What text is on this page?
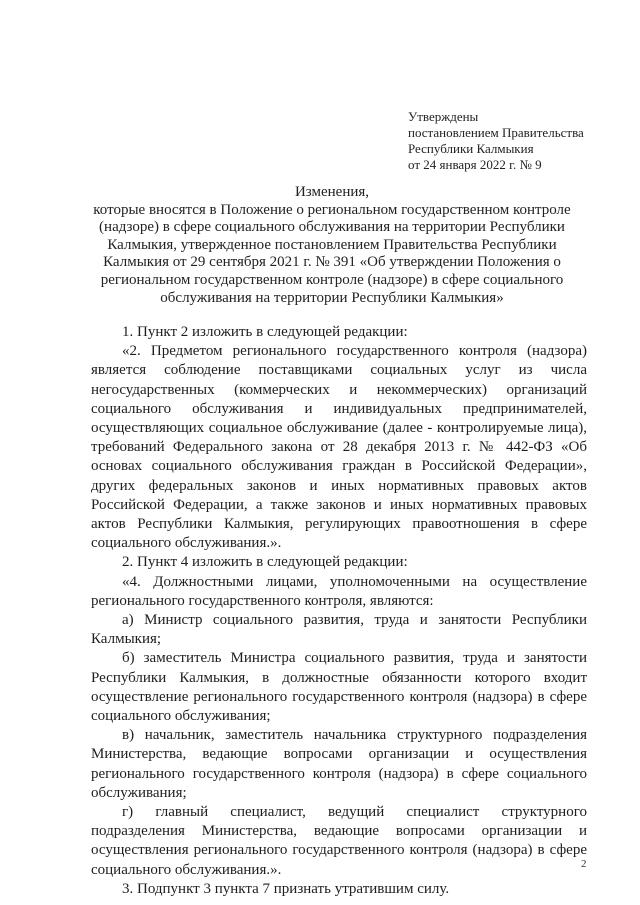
Утверждены
постановлением Правительства
Республики Калмыкия
от 24 января 2022 г. № 9
Изменения,
которые вносятся в Положение о региональном государственном контроле (надзоре) в сфере социального обслуживания на территории Республики Калмыкия, утвержденное постановлением Правительства Республики Калмыкия от 29 сентября 2021 г. № 391 «Об утверждении Положения о региональном государственном контроле (надзоре) в сфере социального обслуживания на территории Республики Калмыкия»

1. Пункт 2 изложить в следующей редакции:

«2. Предметом регионального государственного контроля (надзора) является соблюдение поставщиками социальных услуг из числа негосударственных (коммерческих и некоммерческих) организаций социального обслуживания и индивидуальных предпринимателей, осуществляющих социальное обслуживание (далее - контролируемые лица), требований Федерального закона от 28 декабря 2013 г. № 442-ФЗ «Об основах социального обслуживания граждан в Российской Федерации», других федеральных законов и иных нормативных правовых актов Российской Федерации, а также законов и иных нормативных правовых актов Республики Калмыкия, регулирующих правоотношения в сфере социального обслуживания.».

2. Пункт 4 изложить в следующей редакции:

«4. Должностными лицами, уполномоченными на осуществление регионального государственного контроля, являются:

а) Министр социального развития, труда и занятости Республики Калмыкия;

б) заместитель Министра социального развития, труда и занятости Республики Калмыкия, в должностные обязанности которого входит осуществление регионального государственного контроля (надзора) в сфере социального обслуживания;

в) начальник, заместитель начальника структурного подразделения Министерства, ведающие вопросами организации и осуществления регионального государственного контроля (надзора) в сфере социального обслуживания;

г) главный специалист, ведущий специалист структурного подразделения Министерства, ведающие вопросами организации и осуществления регионального государственного контроля (надзора) в сфере социального обслуживания.».

3. Подпункт 3 пункта 7 признать утратившим силу.

2
